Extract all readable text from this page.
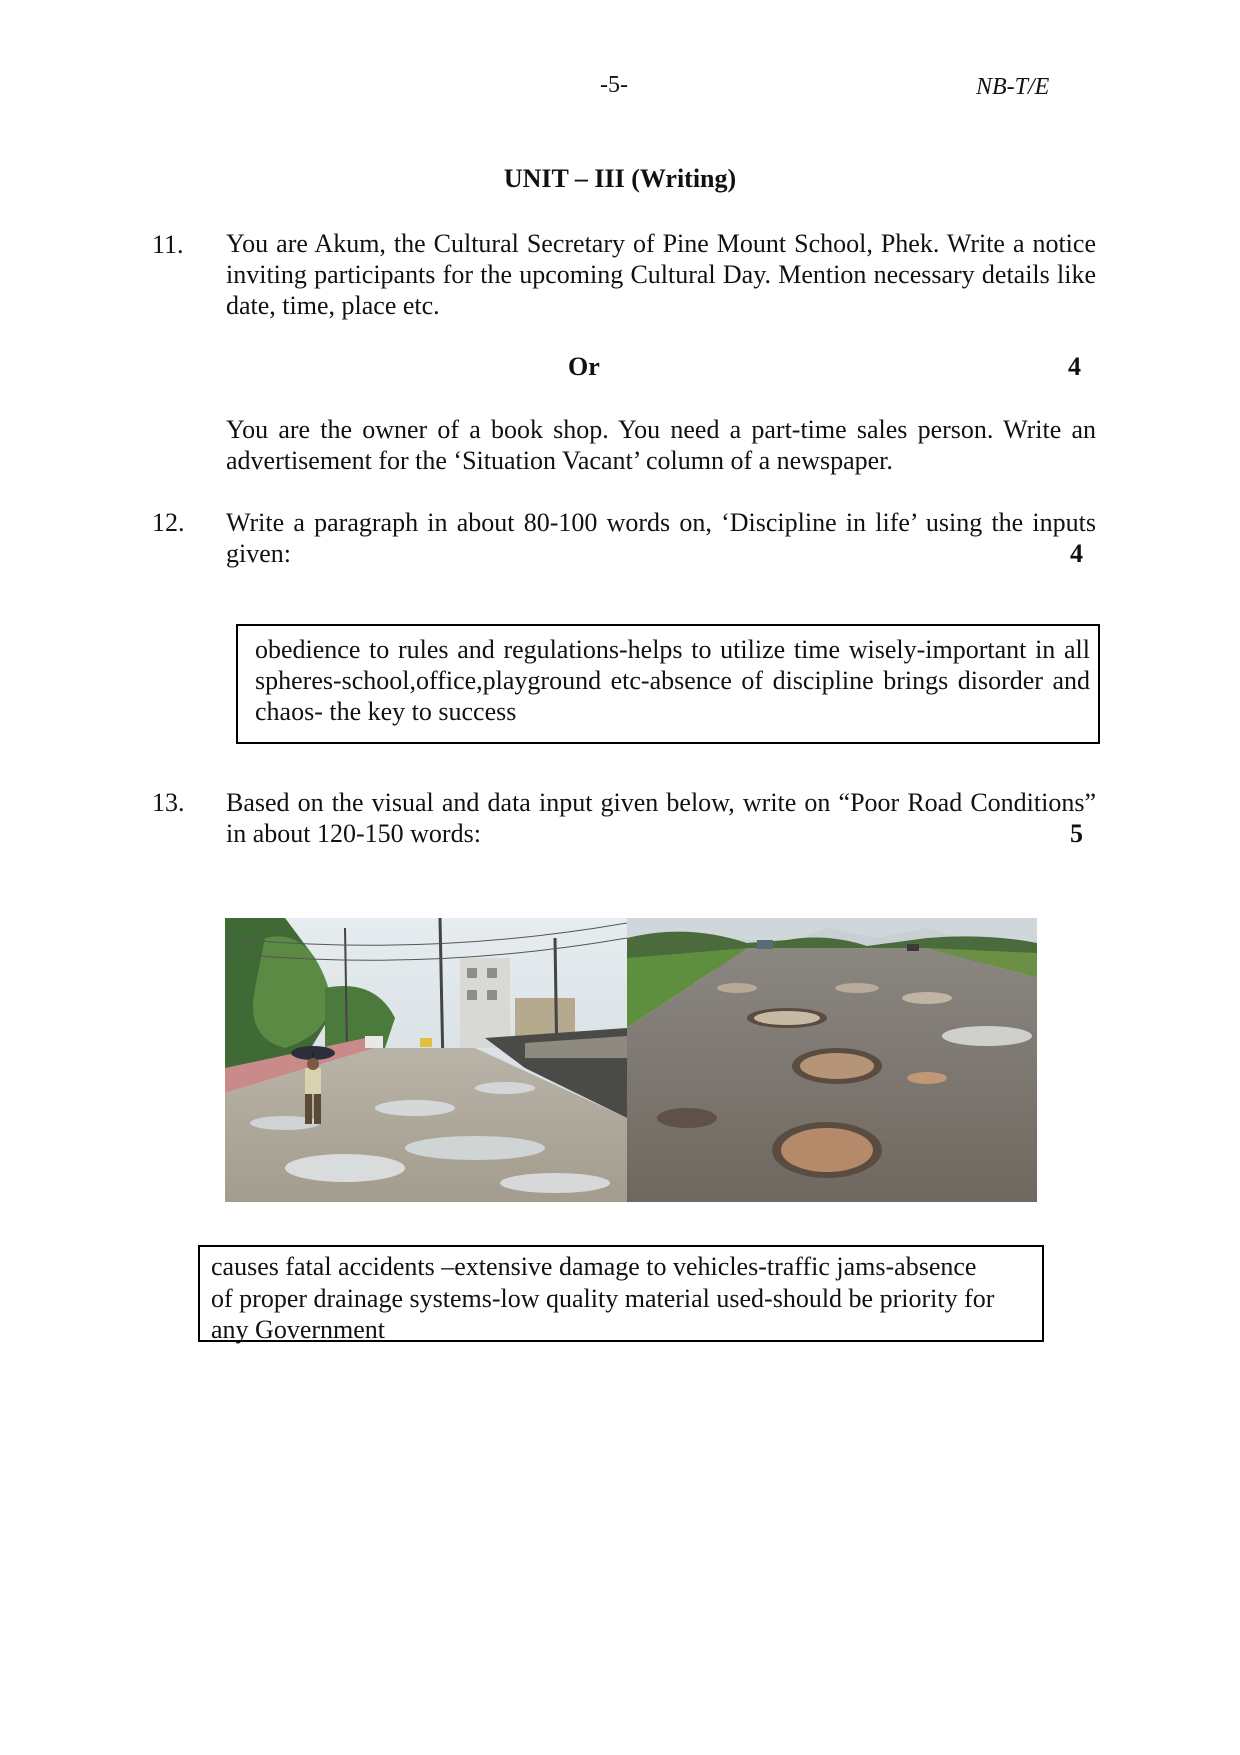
-5-	NB-T/E
UNIT – III (Writing)
11. You are Akum, the Cultural Secretary of Pine Mount School, Phek. Write a notice inviting participants for the upcoming Cultural Day. Mention necessary details like date, time, place etc.
Or	4
You are the owner of a book shop. You need a part-time sales person. Write an advertisement for the ‘Situation Vacant’ column of a newspaper.
12. Write a paragraph in about 80-100 words on, ‘Discipline in life’ using the inputs given:	4
obedience to rules and regulations-helps to utilize time wisely-important in all spheres-school,office,playground etc-absence of discipline brings disorder and chaos- the key to success
13. Based on the visual and data input given below, write on “Poor Road Conditions” in about 120-150 words:	5
causes fatal accidents –extensive damage to vehicles-traffic jams-absence
of proper drainage systems-low quality material used-should be priority for
any Government
